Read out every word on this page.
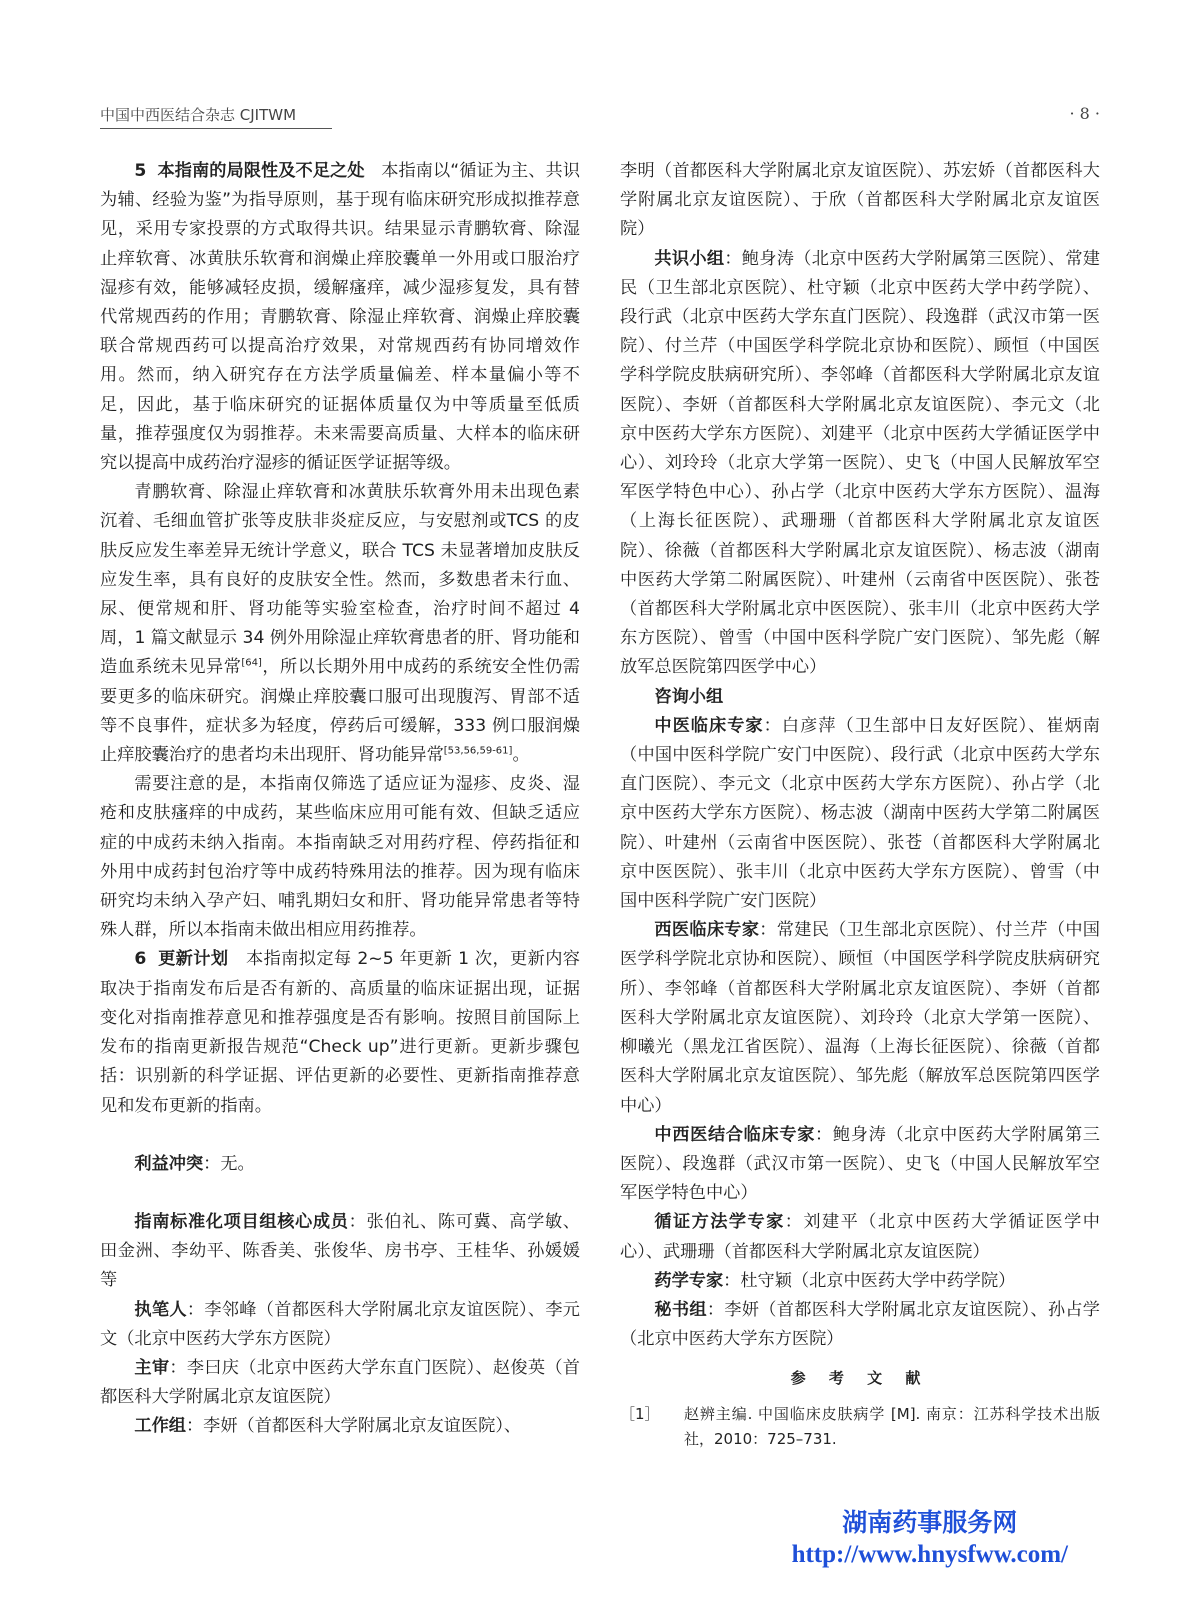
中国中西医结合杂志 CJITWM	· 8 ·

5 本指南的局限性及不足之处 本指南以“循证为主、共识为辅、经验为鉴”为指导原则，基于现有临床研究形成拟推荐意见，采用专家投票的方式取得共识。结果显示青鹏软膏、除湿止痒软膏、冰黄肤乐软膏和润燥止痒胶囊单一外用或口服治疗湿疹有效，能够减轻皮损，缓解瘙痒，减少湿疹复发，具有替代常规西药的作用；青鹏软膏、除湿止痒软膏、润燥止痒胶囊联合常规西药可以提高治疗效果，对常规西药有协同增效作用。然而，纳入研究存在方法学质量偏差、样本量偏小等不足，因此，基于临床研究的证据体质量仅为中等质量至低质量，推荐强度仅为弱推荐。未来需要高质量、大样本的临床研究以提高中成药治疗湿疹的循证医学证据等级。

青鹏软膏、除湿止痒软膏和冰黄肤乐软膏外用未出现色素沉着、毛细血管扩张等皮肤非炎症反应，与安慰剂或TCS 的皮肤反应发生率差异无统计学意义，联合 TCS 未显著增加皮肤反应发生率，具有良好的皮肤安全性。然而，多数患者未行血、尿、便常规和肝、肾功能等实验室检查，治疗时间不超过 4 周，1 篇文献显示 34 例外用除湿止痒软膏患者的肝、肾功能和造血系统未见异常[64]，所以长期外用中成药的系统安全性仍需要更多的临床研究。润燥止痒胶囊口服可出现腹泻、胃部不适等不良事件，症状多为轻度，停药后可缓解，333 例口服润燥止痒胶囊治疗的患者均未出现肝、肾功能异常[53,56,59-61]。

需要注意的是，本指南仅筛选了适应证为湿疹、皮炎、湿疮和皮肤瘙痒的中成药，某些临床应用可能有效、但缺乏适应症的中成药未纳入指南。本指南缺乏对用药疗程、停药指征和外用中成药封包治疗等中成药特殊用法的推荐。因为现有临床研究均未纳入孕产妇、哺乳期妇女和肝、肾功能异常患者等特殊人群，所以本指南未做出相应用药推荐。

6 更新计划 本指南拟定每 2~5 年更新 1 次，更新内容取决于指南发布后是否有新的、高质量的临床证据出现，证据变化对指南推荐意见和推荐强度是否有影响。按照目前国际上发布的指南更新报告规范“Check up”进行更新。更新步骤包括：识别新的科学证据、评估更新的必要性、更新指南推荐意见和发布更新的指南。

利益冲突：无。

指南标准化项目组核心成员：张伯礼、陈可冀、高学敏、田金洲、李幼平、陈香美、张俊华、房书亭、王桂华、孙媛媛等

执笔人：李邻峰（首都医科大学附属北京友谊医院）、李元文（北京中医药大学东方医院）

主审：李曰庆（北京中医药大学东直门医院）、赵俊英（首都医科大学附属北京友谊医院）

工作组：李妍（首都医科大学附属北京友谊医院）、

李明（首都医科大学附属北京友谊医院）、苏宏娇（首都医科大学附属北京友谊医院）、于欣（首都医科大学附属北京友谊医院）

共识小组：鲍身涛（北京中医药大学附属第三医院）、常建民（卫生部北京医院）、杜守颖（北京中医药大学中药学院）、段行武（北京中医药大学东直门医院）、段逸群（武汉市第一医院）、付兰芹（中国医学科学院北京协和医院）、顾恒（中国医学科学院皮肤病研究所）、李邻峰（首都医科大学附属北京友谊医院）、李妍（首都医科大学附属北京友谊医院）、李元文（北京中医药大学东方医院）、刘建平（北京中医药大学循证医学中心）、刘玲玲（北京大学第一医院）、史飞（中国人民解放军空军医学特色中心）、孙占学（北京中医药大学东方医院）、温海（上海长征医院）、武珊珊（首都医科大学附属北京友谊医院）、徐薇（首都医科大学附属北京友谊医院）、杨志波（湖南中医药大学第二附属医院）、叶建州（云南省中医医院）、张苍（首都医科大学附属北京中医医院）、张丰川（北京中医药大学东方医院）、曾雪（中国中医科学院广安门医院）、邹先彪（解放军总医院第四医学中心）

咨询小组

中医临床专家：白彦萍（卫生部中日友好医院）、崔炳南（中国中医科学院广安门中医院）、段行武（北京中医药大学东直门医院）、李元文（北京中医药大学东方医院）、孙占学（北京中医药大学东方医院）、杨志波（湖南中医药大学第二附属医院）、叶建州（云南省中医医院）、张苍（首都医科大学附属北京中医医院）、张丰川（北京中医药大学东方医院）、曾雪（中国中医科学院广安门医院）

西医临床专家：常建民（卫生部北京医院）、付兰芹（中国医学科学院北京协和医院）、顾恒（中国医学科学院皮肤病研究所）、李邻峰（首都医科大学附属北京友谊医院）、李妍（首都医科大学附属北京友谊医院）、刘玲玲（北京大学第一医院）、柳曦光（黑龙江省医院）、温海（上海长征医院）、徐薇（首都医科大学附属北京友谊医院）、邹先彪（解放军总医院第四医学中心）

中西医结合临床专家：鲍身涛（北京中医药大学附属第三医院）、段逸群（武汉市第一医院）、史飞（中国人民解放军空军医学特色中心）

循证方法学专家：刘建平（北京中医药大学循证医学中心）、武珊珊（首都医科大学附属北京友谊医院）

药学专家：杜守颖（北京中医药大学中药学院）

秘书组：李妍（首都医科大学附属北京友谊医院）、孙占学（北京中医药大学东方医院）

参 考 文 献
［1］	赵辨主编. 中国临床皮肤病学 [M]. 南京：江苏科学技术出版社，2010：725–731.
湖南药事服务网
http://www.hnysfww.com/
